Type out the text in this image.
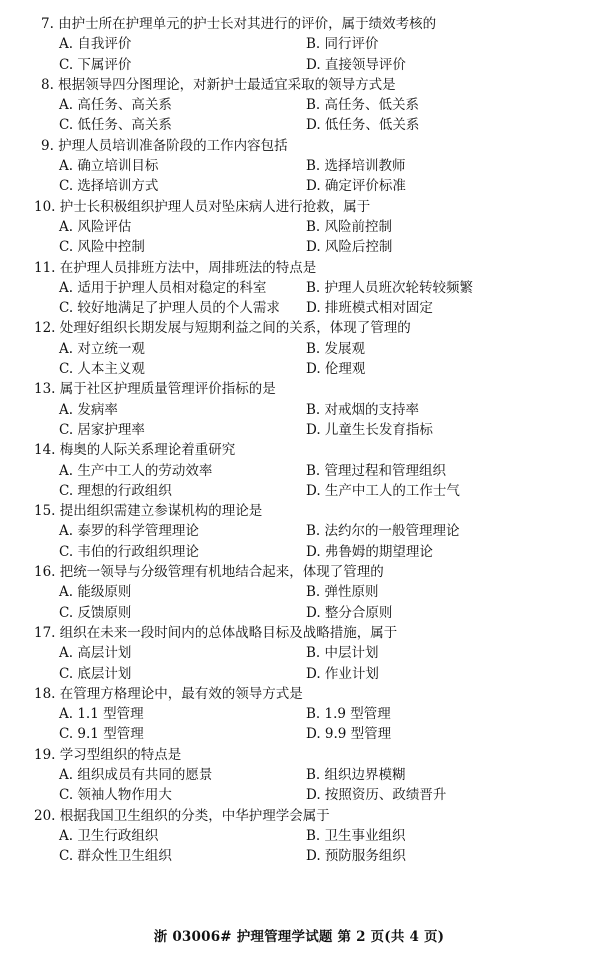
7. 由护士所在护理单元的护士长对其进行的评价，属于绩效考核的
A. 自我评价	B. 同行评价
C. 下属评价	D. 直接领导评价
8. 根据领导四分图理论，对新护士最适宜采取的领导方式是
A. 高任务、高关系	B. 高任务、低关系
C. 低任务、高关系	D. 低任务、低关系
9. 护理人员培训准备阶段的工作内容包括
A. 确立培训目标	B. 选择培训教师
C. 选择培训方式	D. 确定评价标准
10. 护士长积极组织护理人员对坠床病人进行抢救，属于
A. 风险评估	B. 风险前控制
C. 风险中控制	D. 风险后控制
11. 在护理人员排班方法中，周排班法的特点是
A. 适用于护理人员相对稳定的科室	B. 护理人员班次轮转较频繁
C. 较好地满足了护理人员的个人需求	D. 排班模式相对固定
12. 处理好组织长期发展与短期利益之间的关系，体现了管理的
A. 对立统一观	B. 发展观
C. 人本主义观	D. 伦理观
13. 属于社区护理质量管理评价指标的是
A. 发病率	B. 对戒烟的支持率
C. 居家护理率	D. 儿童生长发育指标
14. 梅奥的人际关系理论着重研究
A. 生产中工人的劳动效率	B. 管理过程和管理组织
C. 理想的行政组织	D. 生产中工人的工作士气
15. 提出组织需建立参谋机构的理论是
A. 泰罗的科学管理理论	B. 法约尔的一般管理理论
C. 韦伯的行政组织理论	D. 弗鲁姆的期望理论
16. 把统一领导与分级管理有机地结合起来，体现了管理的
A. 能级原则	B. 弹性原则
C. 反馈原则	D. 整分合原则
17. 组织在未来一段时间内的总体战略目标及战略措施，属于
A. 高层计划	B. 中层计划
C. 底层计划	D. 作业计划
18. 在管理方格理论中，最有效的领导方式是
A. 1.1 型管理	B. 1.9 型管理
C. 9.1 型管理	D. 9.9 型管理
19. 学习型组织的特点是
A. 组织成员有共同的愿景	B. 组织边界模糊
C. 领袖人物作用大	D. 按照资历、政绩晋升
20. 根据我国卫生组织的分类，中华护理学会属于
A. 卫生行政组织	B. 卫生事业组织
C. 群众性卫生组织	D. 预防服务组织
浙 03006# 护理管理学试题 第 2 页(共 4 页)
